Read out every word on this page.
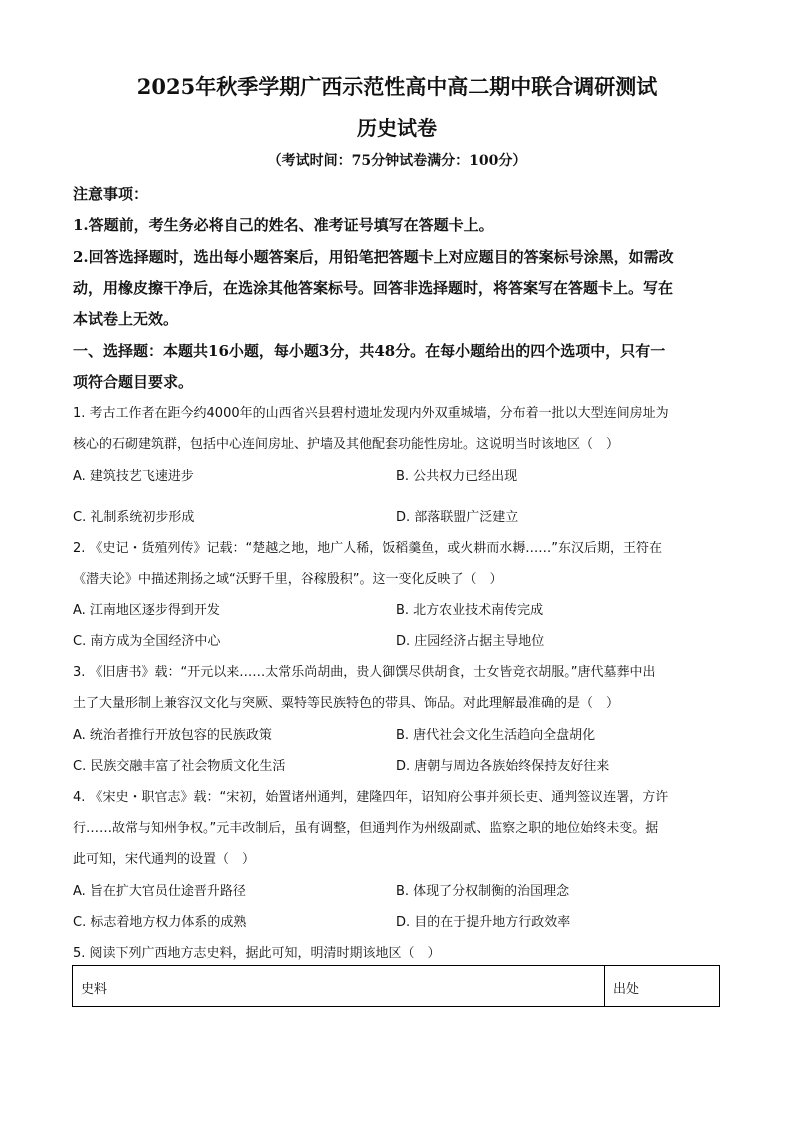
2025年秋季学期广西示范性高中高二期中联合调研测试
历史试卷
（考试时间：75分钟试卷满分：100分）
注意事项：
1.答题前，考生务必将自己的姓名、准考证号填写在答题卡上。
2.回答选择题时，选出每小题答案后，用铅笔把答题卡上对应题目的答案标号涂黑，如需改
动，用橡皮擦干净后，在选涂其他答案标号。回答非选择题时，将答案写在答题卡上。写在
本试卷上无效。
一、选择题：本题共16小题，每小题3分，共48分。在每小题给出的四个选项中，只有一
项符合题目要求。
1. 考古工作者在距今约4000年的山西省兴县碧村遗址发现内外双重城墙，分布着一批以大型连间房址为
核心的石砌建筑群，包括中心连间房址、护墙及其他配套功能性房址。这说明当时该地区（　）
A. 建筑技艺飞速进步	B. 公共权力已经出现
C. 礼制系统初步形成	D. 部落联盟广泛建立
2. 《史记・货殖列传》记载：“楚越之地，地广人稀，饭稻羹鱼，或火耕而水耨……”东汉后期，王符在
《潜夫论》中描述荆扬之域“沃野千里，谷稼殷积”。这一变化反映了（　）
A. 江南地区逐步得到开发	B. 北方农业技术南传完成
C. 南方成为全国经济中心	D. 庄园经济占据主导地位
3. 《旧唐书》载：“开元以来……太常乐尚胡曲，贵人御馔尽供胡食，士女皆竞衣胡服。”唐代墓葬中出
土了大量形制上兼容汉文化与突厥、粟特等民族特色的带具、饰品。对此理解最准确的是（　）
A. 统治者推行开放包容的民族政策	B. 唐代社会文化生活趋向全盘胡化
C. 民族交融丰富了社会物质文化生活	D. 唐朝与周边各族始终保持友好往来
4. 《宋史・职官志》载：“宋初，始置诸州通判，建隆四年，诏知府公事并须长吏、通判签议连署，方许
行……故常与知州争权。”元丰改制后，虽有调整，但通判作为州级副贰、监察之职的地位始终未变。据
此可知，宋代通判的设置（　）
A. 旨在扩大官员仕途晋升路径	B. 体现了分权制衡的治国理念
C. 标志着地方权力体系的成熟	D. 目的在于提升地方行政效率
5. 阅读下列广西地方志史料，据此可知，明清时期该地区（　）
史料	出处
